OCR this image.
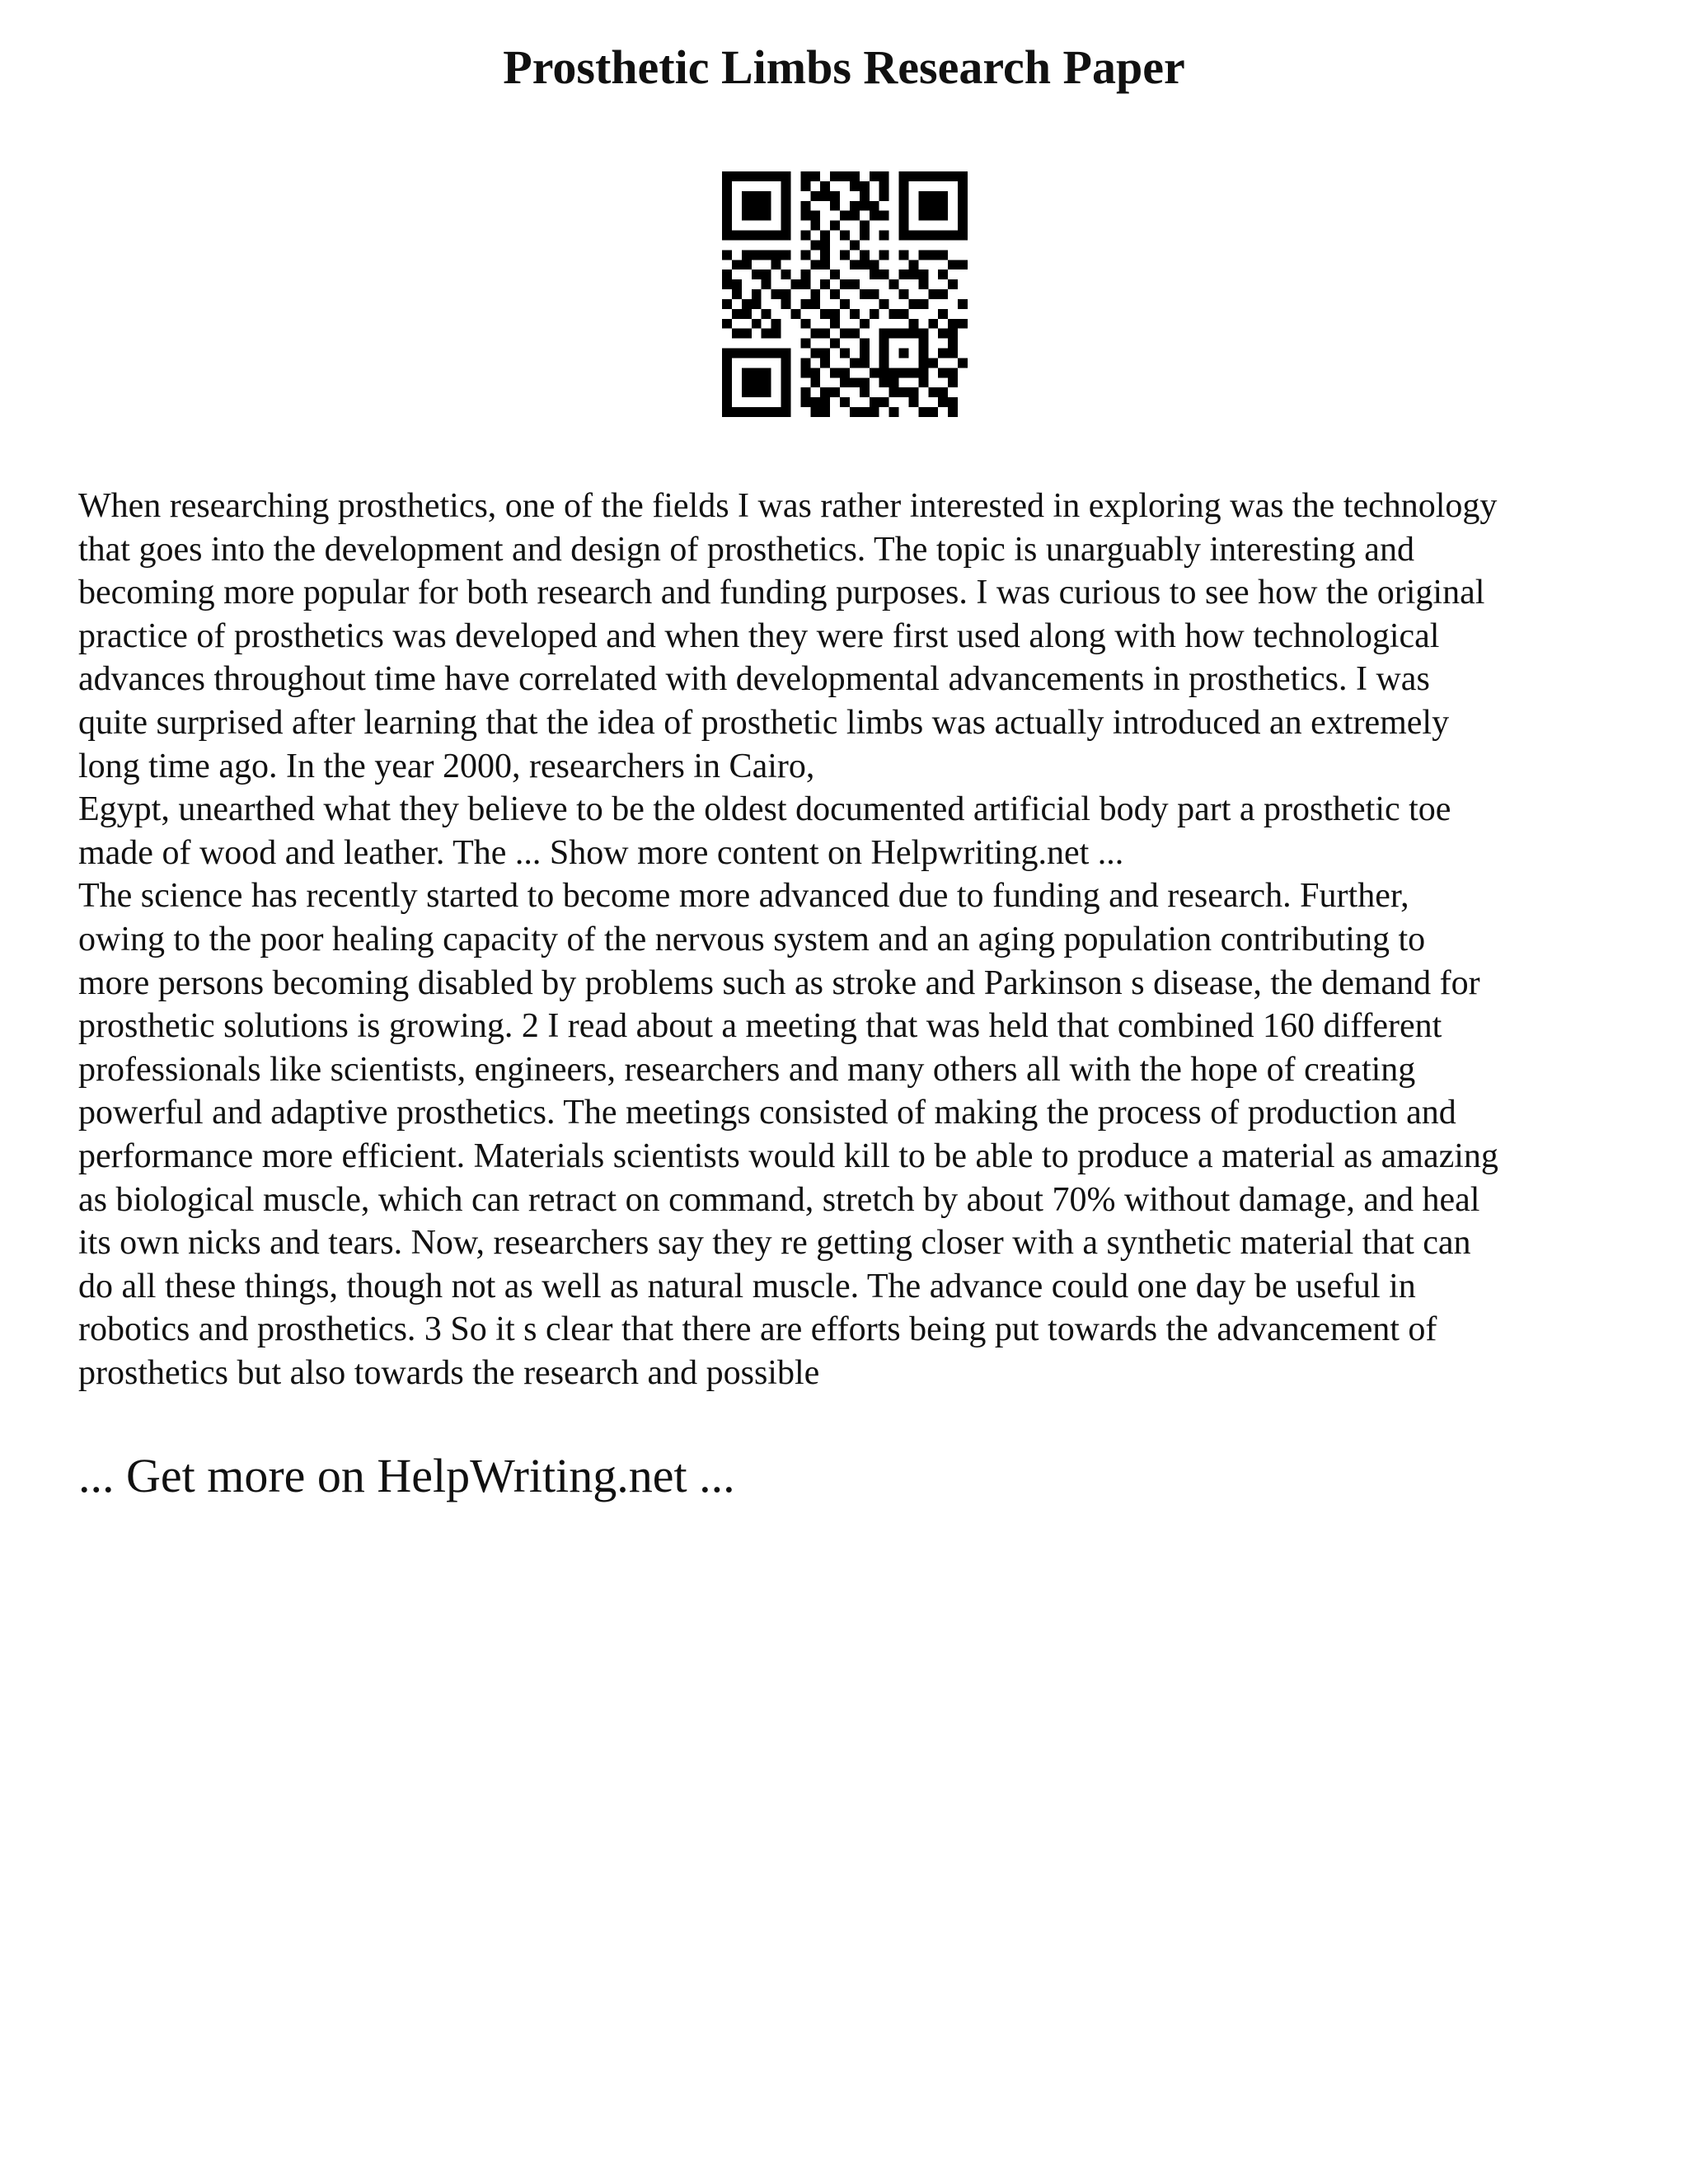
Prosthetic Limbs Research Paper
When researching prosthetics, one of the fields I was rather interested in exploring was the technology
that goes into the development and design of prosthetics. The topic is unarguably interesting and
becoming more popular for both research and funding purposes. I was curious to see how the original
practice of prosthetics was developed and when they were first used along with how technological
advances throughout time have correlated with developmental advancements in prosthetics. I was
quite surprised after learning that the idea of prosthetic limbs was actually introduced an extremely
long time ago. In the year 2000, researchers in Cairo,
Egypt, unearthed what they believe to be the oldest documented artificial body part a prosthetic toe
made of wood and leather. The ... Show more content on Helpwriting.net ...
The science has recently started to become more advanced due to funding and research. Further,
owing to the poor healing capacity of the nervous system and an aging population contributing to
more persons becoming disabled by problems such as stroke and Parkinson s disease, the demand for
prosthetic solutions is growing. 2 I read about a meeting that was held that combined 160 different
professionals like scientists, engineers, researchers and many others all with the hope of creating
powerful and adaptive prosthetics. The meetings consisted of making the process of production and
performance more efficient. Materials scientists would kill to be able to produce a material as amazing
as biological muscle, which can retract on command, stretch by about 70% without damage, and heal
its own nicks and tears. Now, researchers say they re getting closer with a synthetic material that can
do all these things, though not as well as natural muscle. The advance could one day be useful in
robotics and prosthetics. 3 So it s clear that there are efforts being put towards the advancement of
prosthetics but also towards the research and possible

... Get more on HelpWriting.net ...
